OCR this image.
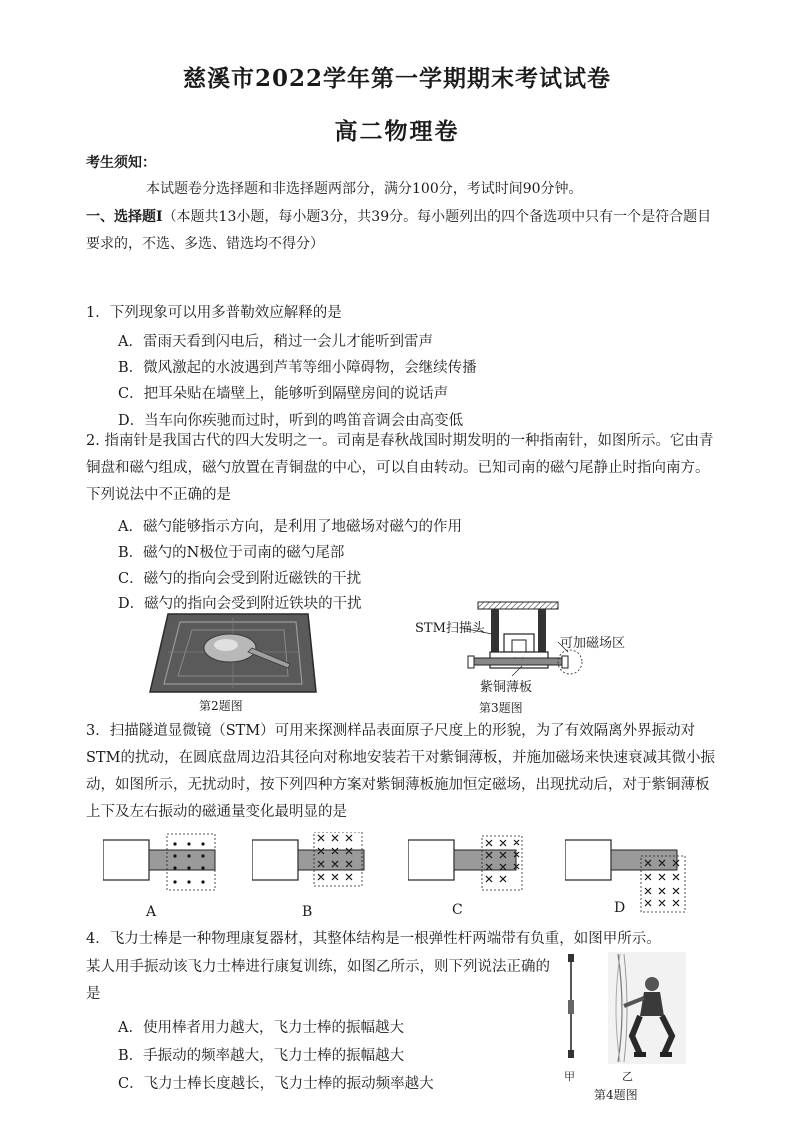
慈溪市2022学年第一学期期末考试试卷
高二物理卷
考生须知：
本试题卷分选择题和非选择题两部分，满分100分，考试时间90分钟。
一、选择题Ⅰ（本题共13小题，每小题3分，共39分。每小题列出的四个备选项中只有一个是符合题目要求的，不选、多选、错选均不得分）
1．下列现象可以用多普勒效应解释的是
A．雷雨天看到闪电后，稍过一会儿才能听到雷声
B．微风激起的水波遇到芦苇等细小障碍物，会继续传播
C．把耳朵贴在墙壁上，能够听到隔壁房间的说话声
D．当车向你疾驰而过时，听到的鸣笛音调会由高变低
2. 指南针是我国古代的四大发明之一。司南是春秋战国时期发明的一种指南针，如图所示。它由青铜盘和磁勺组成，磁勺放置在青铜盘的中心，可以自由转动。已知司南的磁勺尾静止时指向南方。下列说法中不正确的是
A．磁勺能够指示方向，是利用了地磁场对磁勺的作用
B．磁勺的N极位于司南的磁勺尾部
C．磁勺的指向会受到附近磁铁的干扰
D．磁勺的指向会受到附近铁块的干扰
第2题图
STM扫描头
可加磁场区
紫铜薄板
第3题图
3．扫描隧道显微镜（STM）可用来探测样品表面原子尺度上的形貌，为了有效隔离外界振动对STM的扰动，在圆底盘周边沿其径向对称地安装若干对紫铜薄板，并施加磁场来快速衰减其微小振动，如图所示，无扰动时，按下列四种方案对紫铜薄板施加恒定磁场，出现扰动后，对于紫铜薄板上下及左右振动的磁通量变化最明显的是
A	B	C	D
4．飞力士棒是一种物理康复器材，其整体结构是一根弹性杆两端带有负重，如图甲所示。
某人用手振动该飞力士棒进行康复训练，如图乙所示，则下列说法正确的是
A．使用棒者用力越大，飞力士棒的振幅越大
B．手振动的频率越大，飞力士棒的振幅越大
C．飞力士棒长度越长，飞力士棒的振动频率越大	甲	乙
第4题图
